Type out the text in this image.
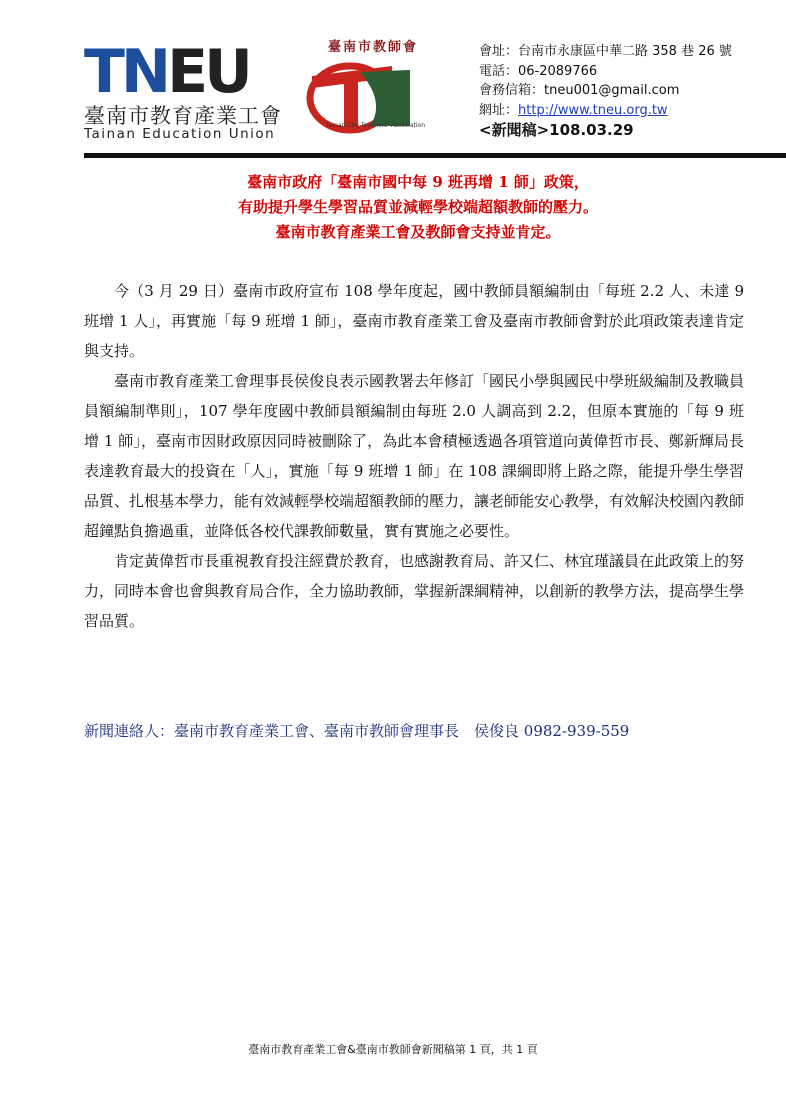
TNEU
臺南市教育產業工會
Tainan Education Union
臺南市教師會
Tainan City Teachers' Association
會址：台南市永康區中華二路 358 巷 26 號
電話：06-2089766
會務信箱：tneu001@gmail.com
網址：http://www.tneu.org.tw
<新聞稿>108.03.29
臺南市政府「臺南市國中每 9 班再增 1 師」政策，
有助提升學生學習品質並減輕學校端超額教師的壓力。
臺南市教育產業工會及教師會支持並肯定。

今（3 月 29 日）臺南市政府宣布 108 學年度起，國中教師員額編制由「每班 2.2 人、未達 9 班增 1 人」，再實施「每 9 班增 1 師」，臺南市教育產業工會及臺南市教師會對於此項政策表達肯定與支持。

臺南市教育產業工會理事長侯俊良表示國教署去年修訂「國民小學與國民中學班級編制及教職員員額編制準則」，107 學年度國中教師員額編制由每班 2.0 人調高到 2.2，但原本實施的「每 9 班增 1 師」，臺南市因財政原因同時被刪除了，為此本會積極透過各項管道向黃偉哲市長、鄭新輝局長表達教育最大的投資在「人」，實施「每 9 班增 1 師」在 108 課綱即將上路之際，能提升學生學習品質、扎根基本學力，能有效減輕學校端超額教師的壓力，讓老師能安心教學，有效解決校園內教師超鐘點負擔過重，並降低各校代課教師數量，實有實施之必要性。

肯定黃偉哲市長重視教育投注經費於教育，也感謝教育局、許又仁、林宜瑾議員在此政策上的努力，同時本會也會與教育局合作，全力協助教師，掌握新課綱精神，以創新的教學方法，提高學生學習品質。

新聞連絡人：臺南市教育產業工會、臺南市教師會理事長　侯俊良 0982-939-559
臺南市教育產業工會&臺南市教師會新聞稿第 1 頁，共 1 頁
